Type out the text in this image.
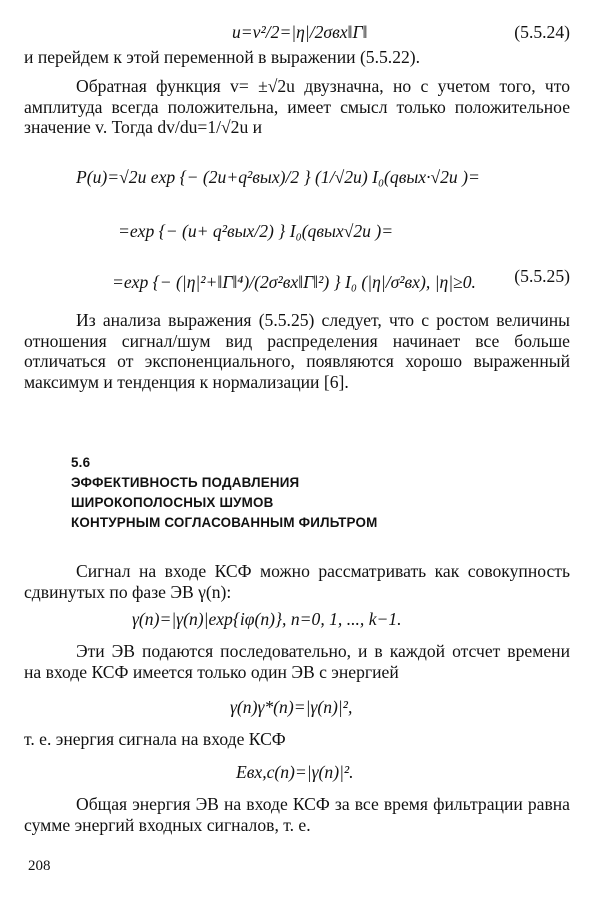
u=v²/2=|η|/2σвх‖Γ‖	(5.5.24)
и перейдем к этой переменной в выражении (5.5.22).
Обратная функция v= ±√2u двузначна, но с учетом того, что амплитуда всегда положительна, имеет смысл только положительное значение v. Тогда dv/du=1/√2u и
P(u)=√2u exp {− (2u+q²вых)/2 } (1/√2u) I₀(qвых·√2u )=
=exp {− (u+ q²вых/2) } I₀(qвых√2u )=
=exp {− (|η|²+‖Γ‖⁴)/(2σ²вх‖Γ‖²) } I₀ (|η|/σ²вх), |η|≥0. (5.5.25)
Из анализа выражения (5.5.25) следует, что с ростом величины отношения сигнал/шум вид распределения начинает все больше отличаться от экспоненциального, появляются хорошо выраженный максимум и тенденция к нормализации [6].
5.6
ЭФФЕКТИВНОСТЬ ПОДАВЛЕНИЯ
ШИРОКОПОЛОСНЫХ ШУМОВ
КОНТУРНЫМ СОГЛАСОВАННЫМ ФИЛЬТРОМ
Сигнал на входе КСФ можно рассматривать как совокупность сдвинутых по фазе ЭВ γ(n):
γ(n)=|γ(n)|exp{iφ(n)}, n=0, 1, ..., k−1.
Эти ЭВ подаются последовательно, и в каждой отсчет времени на входе КСФ имеется только один ЭВ с энергией
γ(n)γ*(n)=|γ(n)|²,
т. е. энергия сигнала на входе КСФ
Eвх,с(n)=|γ(n)|².
Общая энергия ЭВ на входе КСФ за все время фильтрации равна сумме энергий входных сигналов, т. е.
208
